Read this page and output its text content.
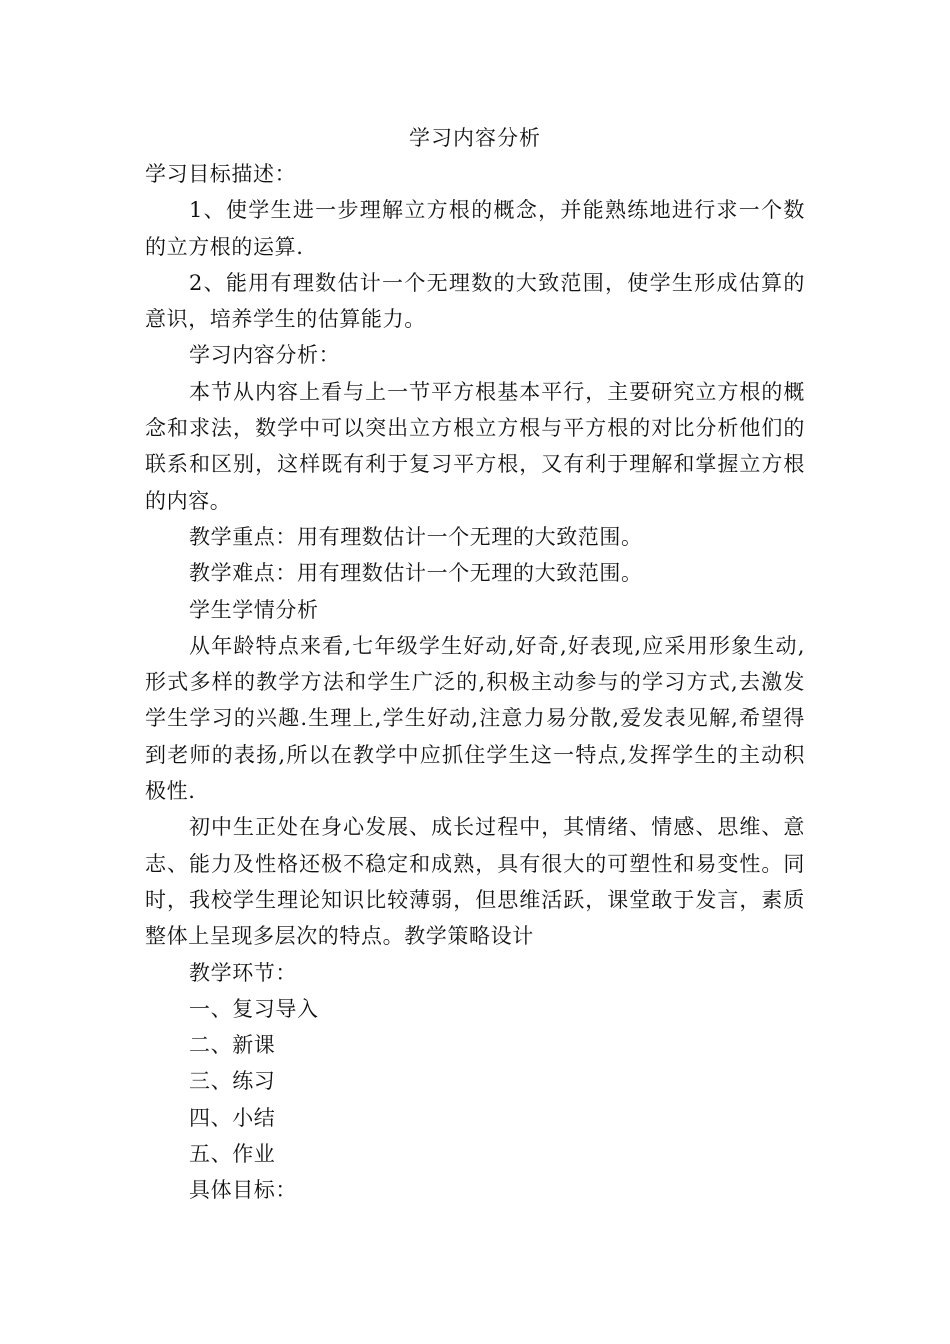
学习内容分析

学习目标描述：

1、使学生进一步理解立方根的概念，并能熟练地进行求一个数的立方根的运算.

2、能用有理数估计一个无理数的大致范围，使学生形成估算的意识，培养学生的估算能力。

学习内容分析：

本节从内容上看与上一节平方根基本平行，主要研究立方根的概念和求法，数学中可以突出立方根立方根与平方根的对比分析他们的联系和区别，这样既有利于复习平方根，又有利于理解和掌握立方根的内容。

教学重点：用有理数估计一个无理的大致范围。

教学难点：用有理数估计一个无理的大致范围。

学生学情分析

从年龄特点来看,七年级学生好动,好奇,好表现,应采用形象生动,形式多样的教学方法和学生广泛的,积极主动参与的学习方式,去激发学生学习的兴趣.生理上,学生好动,注意力易分散,爱发表见解,希望得到老师的表扬,所以在教学中应抓住学生这一特点,发挥学生的主动积极性.

初中生正处在身心发展、成长过程中，其情绪、情感、思维、意志、能力及性格还极不稳定和成熟，具有很大的可塑性和易变性。同时，我校学生理论知识比较薄弱，但思维活跃，课堂敢于发言，素质整体上呈现多层次的特点。教学策略设计

教学环节：

一、复习导入

二、新课

三、练习

四、小结

五、作业

具体目标：
